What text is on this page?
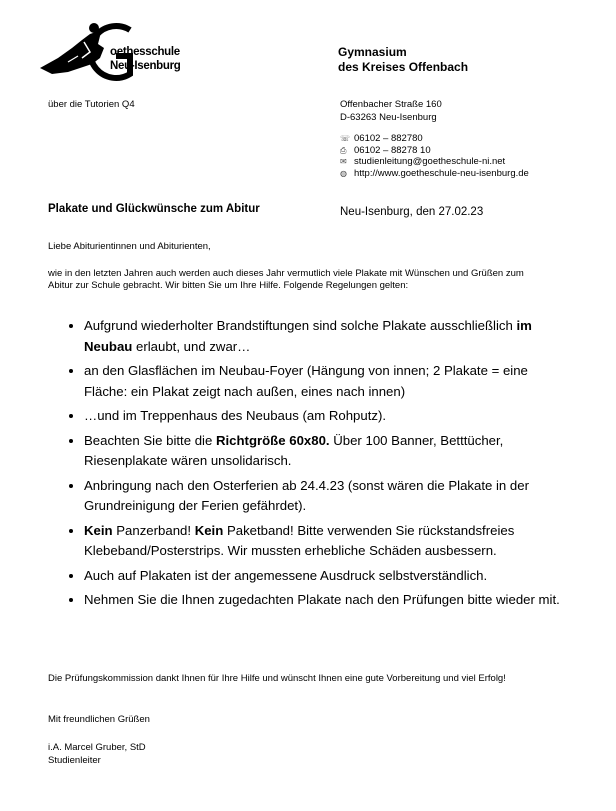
oethesschule
Neu-Isenburg
Gymnasium
des Kreises Offenbach
über die Tutorien Q4	Offenbacher Straße 160
D-63263 Neu-Isenburg
☏ 06102 – 882780
⎙ 06102 – 88278 10
✉ studienleitung@goetheschule-ni.net
◍ http://www.goetheschule-neu-isenburg.de
Plakate und Glückwünsche zum Abitur	Neu-Isenburg, den 27.02.23
Liebe Abiturientinnen und Abiturienten,
wie in den letzten Jahren auch werden auch dieses Jahr vermutlich viele Plakate mit Wünschen und Grüßen zum Abitur zur Schule gebracht. Wir bitten Sie um Ihre Hilfe. Folgende Regelungen gelten:
• Aufgrund wiederholter Brandstiftungen sind solche Plakate ausschließlich im Neubau erlaubt, und zwar…
• an den Glasflächen im Neubau-Foyer (Hängung von innen; 2 Plakate = eine Fläche: ein Plakat zeigt nach außen, eines nach innen)
• …und im Treppenhaus des Neubaus (am Rohputz).
• Beachten Sie bitte die Richtgröße 60x80. Über 100 Banner, Betttücher, Riesenplakate wären unsolidarisch.
• Anbringung nach den Osterferien ab 24.4.23 (sonst wären die Plakate in der Grundreinigung der Ferien gefährdet).
• Kein Panzerband! Kein Paketband! Bitte verwenden Sie rückstandsfreies Klebeband/Posterstrips. Wir mussten erhebliche Schäden ausbessern.
• Auch auf Plakaten ist der angemessene Ausdruck selbstverständlich.
• Nehmen Sie die Ihnen zugedachten Plakate nach den Prüfungen bitte wieder mit.
Die Prüfungskommission dankt Ihnen für Ihre Hilfe und wünscht Ihnen eine gute Vorbereitung und viel Erfolg!
Mit freundlichen Grüßen
i.A. Marcel Gruber, StD
Studienleiter
